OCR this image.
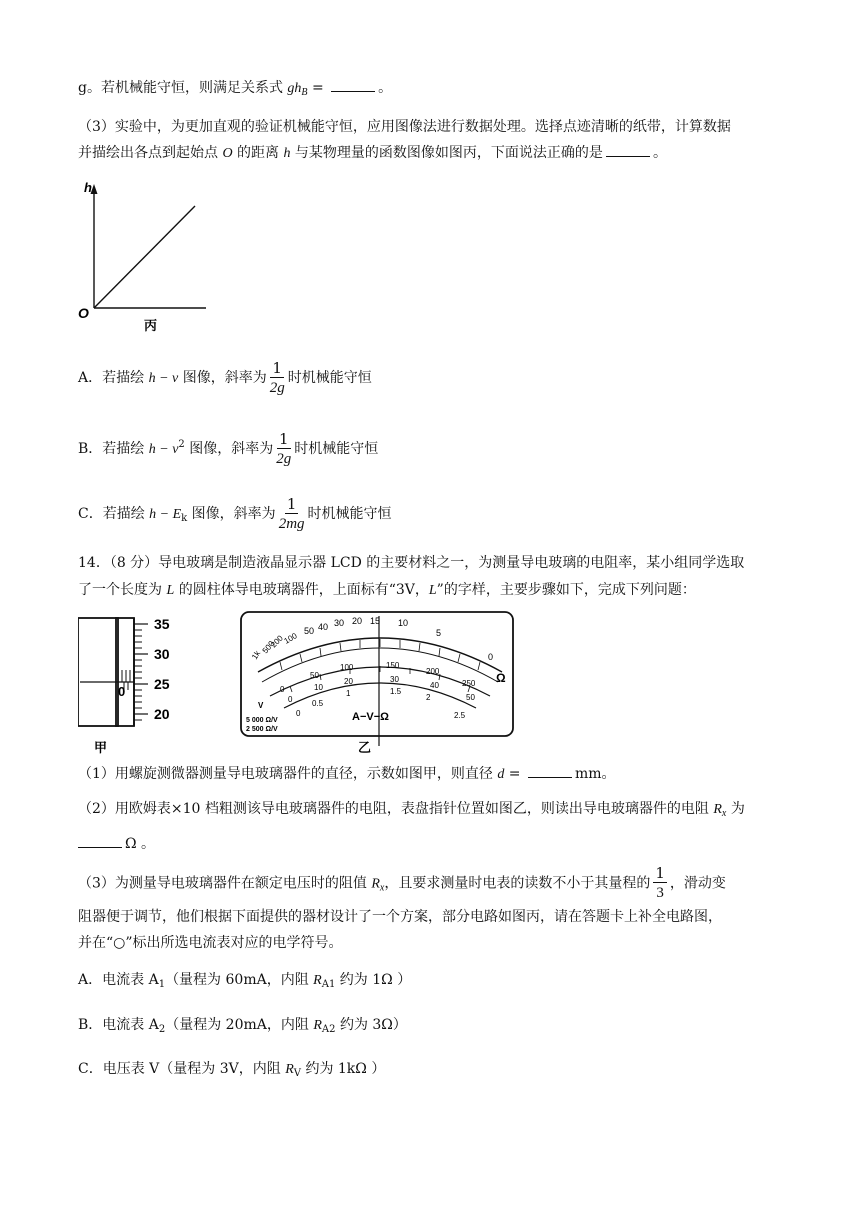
g。若机械能守恒，则满足关系式 $gh_B$ =	。
（3）实验中，为更加直观的验证机械能守恒，应用图像法进行数据处理。选择点迹清晰的纸带，计算数据
并描绘出各点到起始点 O 的距离 h 与某物理量的函数图像如图丙，下面说法正确的是	。
h
O
丙
A．若描绘 h − v 图像，斜率为 $\frac{1}{2g}$ 时机械能守恒
B．若描绘 $h - v^2$ 图像，斜率为 $\frac{1}{2g}$ 时机械能守恒
C．若描绘 $h - E_k$ 图像，斜率为 $\frac{1}{2mg}$ 时机械能守恒
14．（8 分）导电玻璃是制造液晶显示器 LCD 的主要材料之一，为测量导电玻璃的电阻率，某小组同学选取
了一个长度为 L 的圆柱体导电玻璃器件，上面标有“3V，L”的字样，主要步骤如下，完成下列问题：
0
35
30
25
20
甲
1k
500
200
100
50 40 30 20 15 10
5
0
Ω
0
50
100	150
200
250
0
10
20	30
40
50
0
0.5
1	1.5
2
2.5
A−V−Ω
V
5 000 Ω/V
2 500 Ω/V
乙
（1）用螺旋测微器测量导电玻璃器件的直径，示数如图甲，则直径 d =	mm。
（2）用欧姆表×10 档粗测该导电玻璃器件的电阻，表盘指针位置如图乙，则读出导电玻璃器件的电阻 $R_x$ 为
Ω 。
（3）为测量导电玻璃器件在额定电压时的阻值 $R_x$，且要求测量时电表的读数不小于其量程的 $\frac{1}{3}$ ，滑动变
阻器便于调节，他们根据下面提供的器材设计了一个方案，部分电路如图丙，请在答题卡上补全电路图，
并在“○”标出所选电流表对应的电学符号。
A．电流表 $A_1$（量程为 60mA，内阻 $R_{A1}$ 约为 1Ω ）
B．电流表 $A_2$（量程为 20mA，内阻 $R_{A2}$ 约为 3Ω）
C．电压表 V（量程为 3V，内阻 $R_V$ 约为 1kΩ ）
